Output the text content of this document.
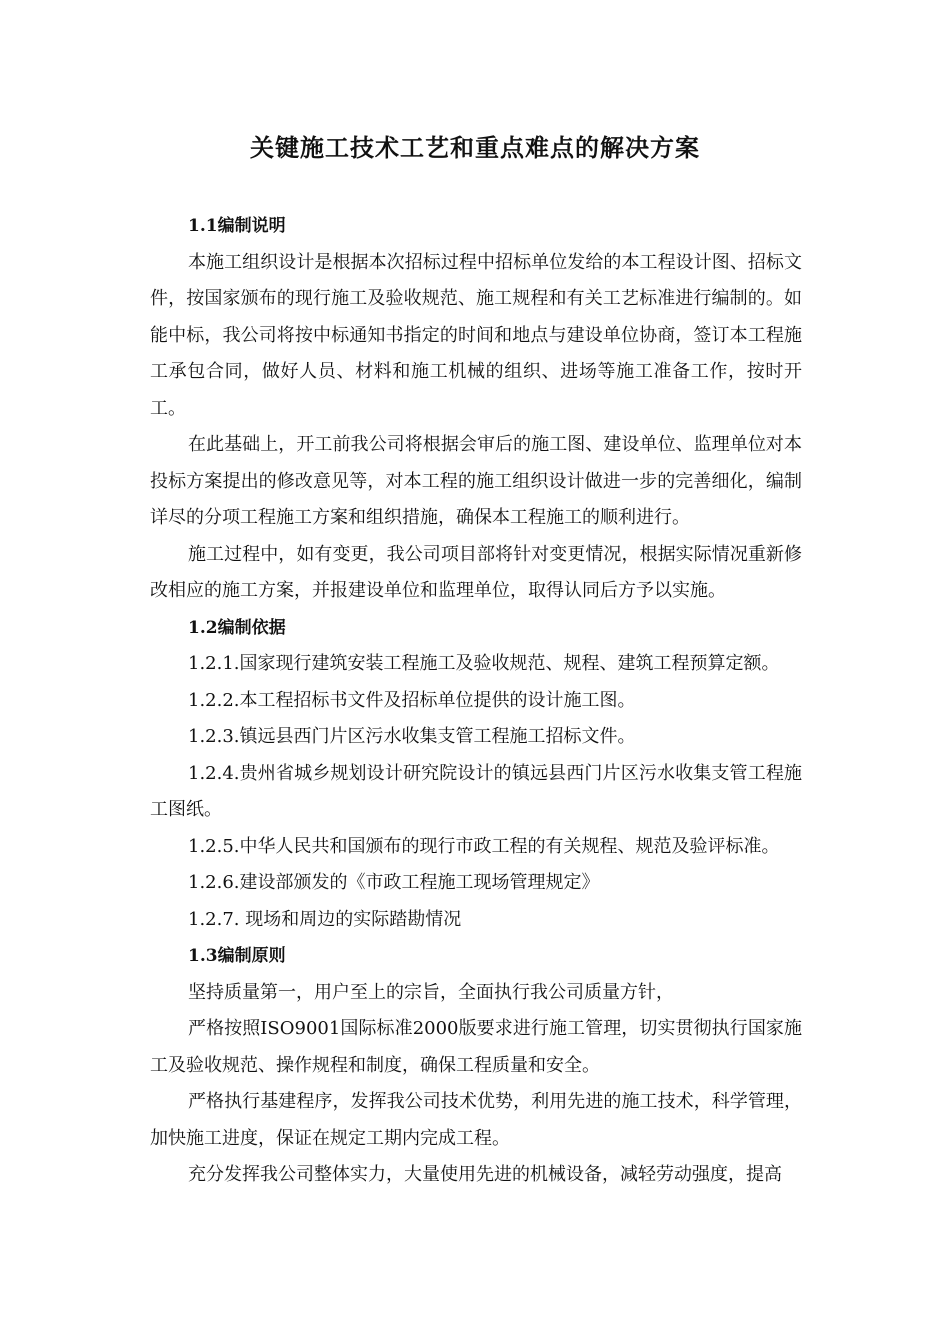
关键施工技术工艺和重点难点的解决方案

1.1编制说明

本施工组织设计是根据本次招标过程中招标单位发给的本工程设计图、招标文件，按国家颁布的现行施工及验收规范、施工规程和有关工艺标准进行编制的。如能中标，我公司将按中标通知书指定的时间和地点与建设单位协商，签订本工程施工承包合同，做好人员、材料和施工机械的组织、进场等施工准备工作，按时开工。

在此基础上，开工前我公司将根据会审后的施工图、建设单位、监理单位对本投标方案提出的修改意见等，对本工程的施工组织设计做进一步的完善细化，编制详尽的分项工程施工方案和组织措施，确保本工程施工的顺利进行。

施工过程中，如有变更，我公司项目部将针对变更情况，根据实际情况重新修改相应的施工方案，并报建设单位和监理单位，取得认同后方予以实施。

1.2编制依据

1.2.1.国家现行建筑安装工程施工及验收规范、规程、建筑工程预算定额。

1.2.2.本工程招标书文件及招标单位提供的设计施工图。

1.2.3.镇远县西门片区污水收集支管工程施工招标文件。

1.2.4.贵州省城乡规划设计研究院设计的镇远县西门片区污水收集支管工程施工图纸。

1.2.5.中华人民共和国颁布的现行市政工程的有关规程、规范及验评标准。

1.2.6.建设部颁发的《市政工程施工现场管理规定》

1.2.7. 现场和周边的实际踏勘情况

1.3编制原则

坚持质量第一，用户至上的宗旨，全面执行我公司质量方针，

严格按照ISO9001国际标准2000版要求进行施工管理，切实贯彻执行国家施工及验收规范、操作规程和制度，确保工程质量和安全。

严格执行基建程序，发挥我公司技术优势，利用先进的施工技术，科学管理，加快施工进度，保证在规定工期内完成工程。

充分发挥我公司整体实力，大量使用先进的机械设备，减轻劳动强度，提高
